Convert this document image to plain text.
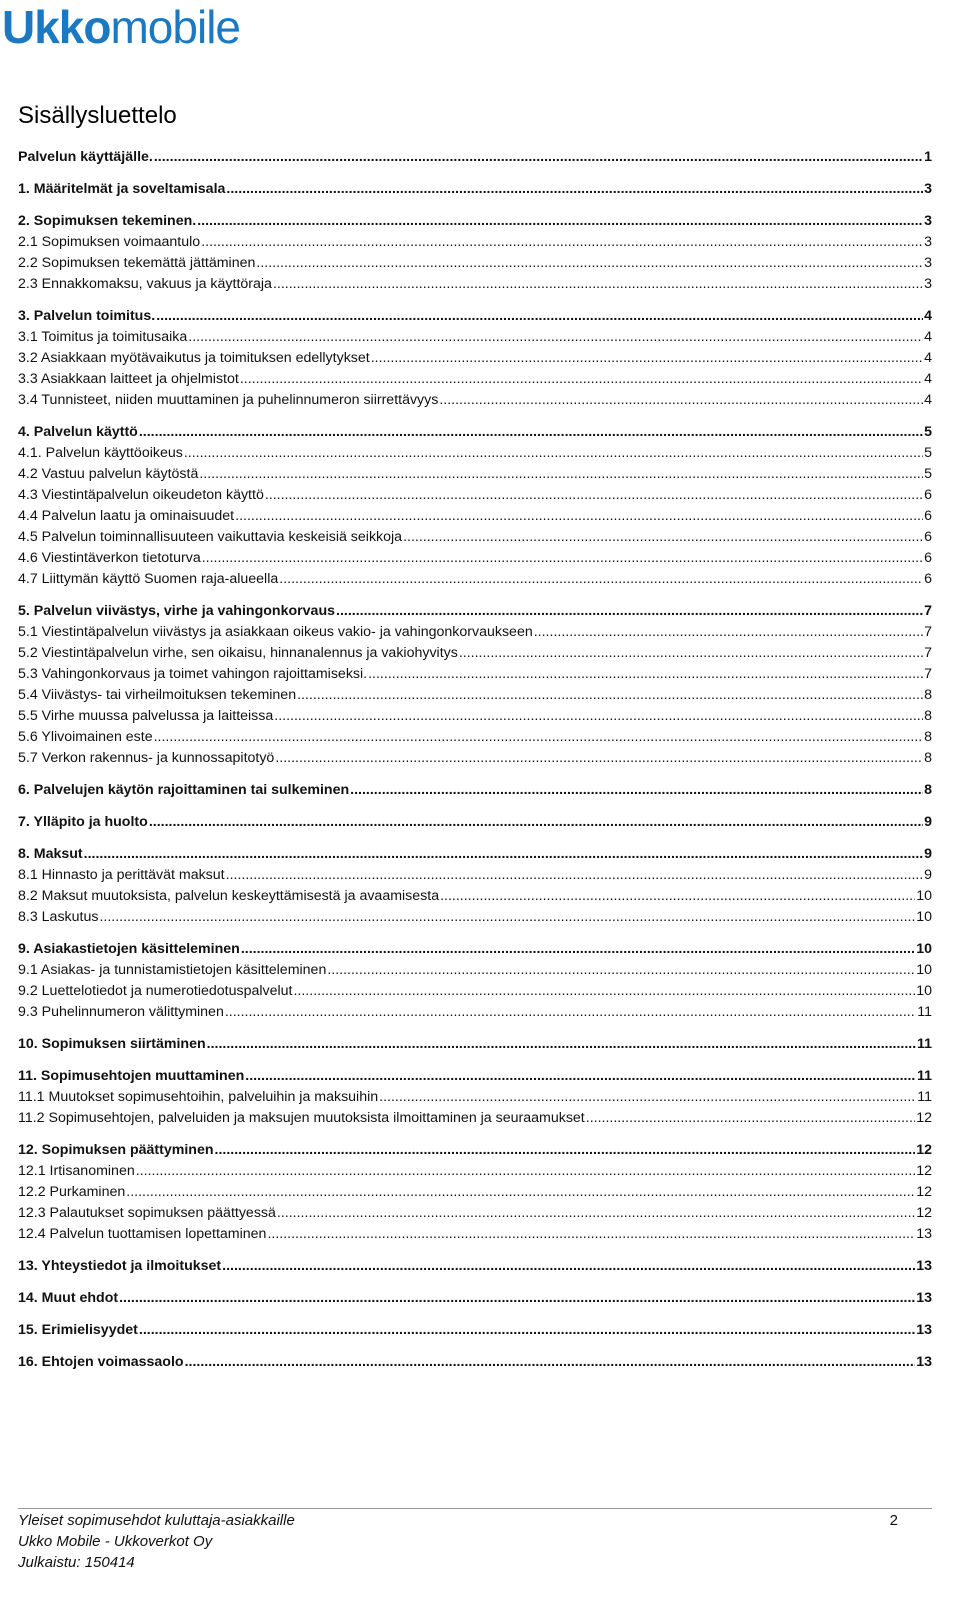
Ukko mobile
Sisällysluettelo
Palvelun käyttäjälle. .....	1
1. Määritelmät ja soveltamisala .....	3
2. Sopimuksen tekeminen. .....	3
2.1 Sopimuksen voimaantulo .....	3
2.2 Sopimuksen tekemättä jättäminen .....	3
2.3 Ennakkomaksu, vakuus ja käyttöraja .....	3
3. Palvelun toimitus. .....	4
3.1 Toimitus ja toimitusaika .....	4
3.2 Asiakkaan myötävaikutus ja toimituksen edellytykset .....	4
3.3 Asiakkaan laitteet ja ohjelmistot .....	4
3.4 Tunnisteet, niiden muuttaminen ja puhelinnumeron siirrettävyys .....	4
4. Palvelun käyttö .....	5
4.1. Palvelun käyttöoikeus .....	5
4.2 Vastuu palvelun käytöstä .....	5
4.3 Viestintäpalvelun oikeudeton käyttö .....	6
4.4 Palvelun laatu ja ominaisuudet .....	6
4.5 Palvelun toiminnallisuuteen vaikuttavia keskeisiä seikkoja .....	6
4.6 Viestintäverkon tietoturva .....	6
4.7 Liittymän käyttö Suomen raja-alueella .....	6
5. Palvelun viivästys, virhe ja vahingonkorvaus .....	7
5.1 Viestintäpalvelun viivästys ja asiakkaan oikeus vakio- ja vahingonkorvaukseen .....	7
5.2 Viestintäpalvelun virhe, sen oikaisu, hinnanalennus ja vakiohyvitys .....	7
5.3 Vahingonkorvaus ja toimet vahingon rajoittamiseksi. .....	7
5.4 Viivästys- tai virheilmoituksen tekeminen .....	8
5.5 Virhe muussa palvelussa ja laitteissa .....	8
5.6 Ylivoimainen este .....	8
5.7 Verkon rakennus- ja kunnossapitotyö .....	8
6. Palvelujen käytön rajoittaminen tai sulkeminen .....	8
7. Ylläpito ja huolto .....	9
8. Maksut .....	9
8.1 Hinnasto ja perittävät maksut .....	9
8.2 Maksut muutoksista, palvelun keskeyttämisestä ja avaamisesta .....	10
8.3 Laskutus .....	10
9. Asiakastietojen käsitteleminen .....	10
9.1 Asiakas- ja tunnistamistietojen käsitteleminen .....	10
9.2 Luettelotiedot ja numerotiedotuspalvelut .....	10
9.3 Puhelinnumeron välittyminen .....	11
10. Sopimuksen siirtäminen .....	11
11. Sopimusehtojen muuttaminen .....	11
11.1 Muutokset sopimusehtoihin, palveluihin ja maksuihin .....	11
11.2 Sopimusehtojen, palveluiden ja maksujen muutoksista ilmoittaminen ja seuraamukset .....	12
12. Sopimuksen päättyminen .....	12
12.1 Irtisanominen .....	12
12.2 Purkaminen .....	12
12.3 Palautukset sopimuksen päättyessä .....	12
12.4 Palvelun tuottamisen lopettaminen .....	13
13. Yhteystiedot ja ilmoitukset .....	13
14. Muut ehdot .....	13
15. Erimielisyydet .....	13
16. Ehtojen voimassaolo .....	13
Yleiset sopimusehdot kuluttaja-asiakkaille
Ukko Mobile - Ukkoverkot Oy
Julkaistu: 150414
2
